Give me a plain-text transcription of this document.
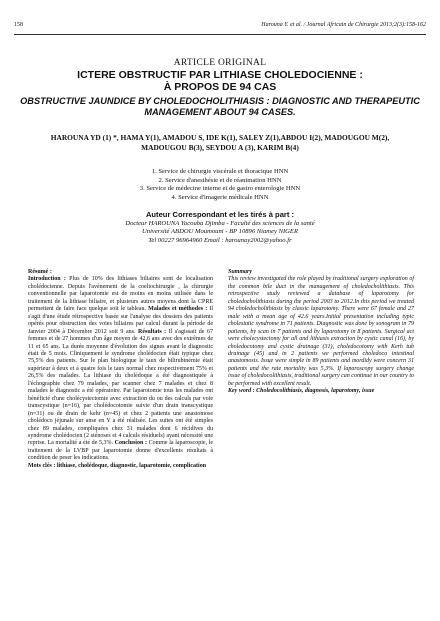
158	Harouna Y. et al. / Journal Africain de Chirurgie 2013;2(3):158-162
ARTICLE ORIGINAL
ICTERE OBSTRUCTIF PAR LITHIASE CHOLEDOCIENNE :
À PROPOS DE 94 CAS
OBSTRUCTIVE JAUNDICE BY CHOLEDOCHOLITHIASIS : DIAGNOSTIC AND THERAPEUTIC MANAGEMENT ABOUT 94 CASES.
HAROUNA YD (1) *, HAMA Y(1), AMADOU S, IDE K(1), SALEY Z(1),ABDOU I(2), MADOUGOU M(2), MADOUGOU B(3), SEYDOU A (3), KARIM B(4)
1. Service de chirurgie viscérale et thoracique HNN
2. Service d'anesthésie et de réanimation HNN
3. Service de médecine interne et de gastro enterologie HNN
4. Service d'imagerie médicale HNN
Auteur Correspondant et les tirés à part :
Docteur HAROUNA Yacouba Djimba - Faculté des sciences de la santé
Université ABDOU Moumouni - BP 10896 Niamey NIGER
Tel 00227 96964960 Email : harounay2002@yahoo.fr
Résumé :
Introduction : Plus de 10% des lithiases biliaires sont de localisation cholédocienne. Depuis l'avènement de la coeliochirurgie , la chirurgie conventionnelle par laparotomie est de moins en moins utilisée dans le traitement de la lithiase biliaire, et plusieurs autres moyens dont la CPRE permettent de faire face quelque soit le tableau. Malades et méthodes : Il s'agit d'une étude rétrospective basée sur l'analyse des dossiers des patients opérés pour obstruction des voies biliaires par calcul durant la période de Janvier 2004 à Décembre 2012 soit 9 ans. Résultats : Il s'agissait de 67 femmes et de 27 hommes d'un âge moyen de 42,6 ans avec des extrêmes de 11 et 65 ans. La durée moyenne d'évolution des signes avant le diagnostic était de 5 mois. Cliniquement le syndrome cholédocien était typique chez 75,5% des patients. Sur le plan biologique le taux de bilirubinémie était supérieur à deux et à quatre fois le taux normal chez respectivement 75% et 26,5% des malades. La lithiase du cholédoque a été diagnostiquée à l'échographie chez 79 malades, par scanner chez 7 malades et chez 8 malades le diagnostic a été opératoire. Par laparotomie tous les malades ont bénéficié d'une cholécystectomie avec extraction du ou des calculs par voie transcystique (n=16), par cholédocotomie suivie d'un drain transcystique (n=31) ou de drain de kehr (n=45) et chez 2 patients une anastomose cholédoco jéjunale sur anse en Y a été réalisée. Les suites ont été simples chez 89 malades, compliquées chez 31 malades dont 6 récidives du syndrome cholédocien (2 sténoses et 4 calculs résiduels) ayant nécessité une reprise. La mortalité a été de 5,3%. Conclusion : Comme la laparoscopie, le traitement de la LVBP par laparotomie donne d'excellents résultats à condition de peser les indications.
Mots clés : lithiase, cholédoque, diagnostic, laparotomie, complication
Summary
This review investigated the role played by traditional surgery exploration of the common bile duct in the management of choledocholithiasis. This retrospective study reviewed a database of laparotomy for choledocholithiasis during the period 2003 to 2012.In this period we treated 94 choledocholithiasis by classic laparotomy. There were 67 female and 27 male with a mean age of 42.6 years.Initial presentation including typic cholestatic syndrome in 71 patients. Diagnostic was done by sonogram in 79 patients, by scan in 7 patients and by laparotomy in 8 patients. Surgical act were cholecystectomy for all and lithiasis extraction by cystic canal (16), by choledocotomy and cystic drainage (31), choledocotomy with Kerh tub drainage (45) and in 2 patients we performed choledoco intestinal anastomosis. Issue were simple in 89 patients and mordidy were concern 31 patients and the rate mortality was 5,3%. If laparoscopy surgery change issue of choledocolithiasis, traditional surgery can continue in our country to be performed with excellent result.
Key word : Choledocolithiasis, diagnosis, laparotomy, issue
